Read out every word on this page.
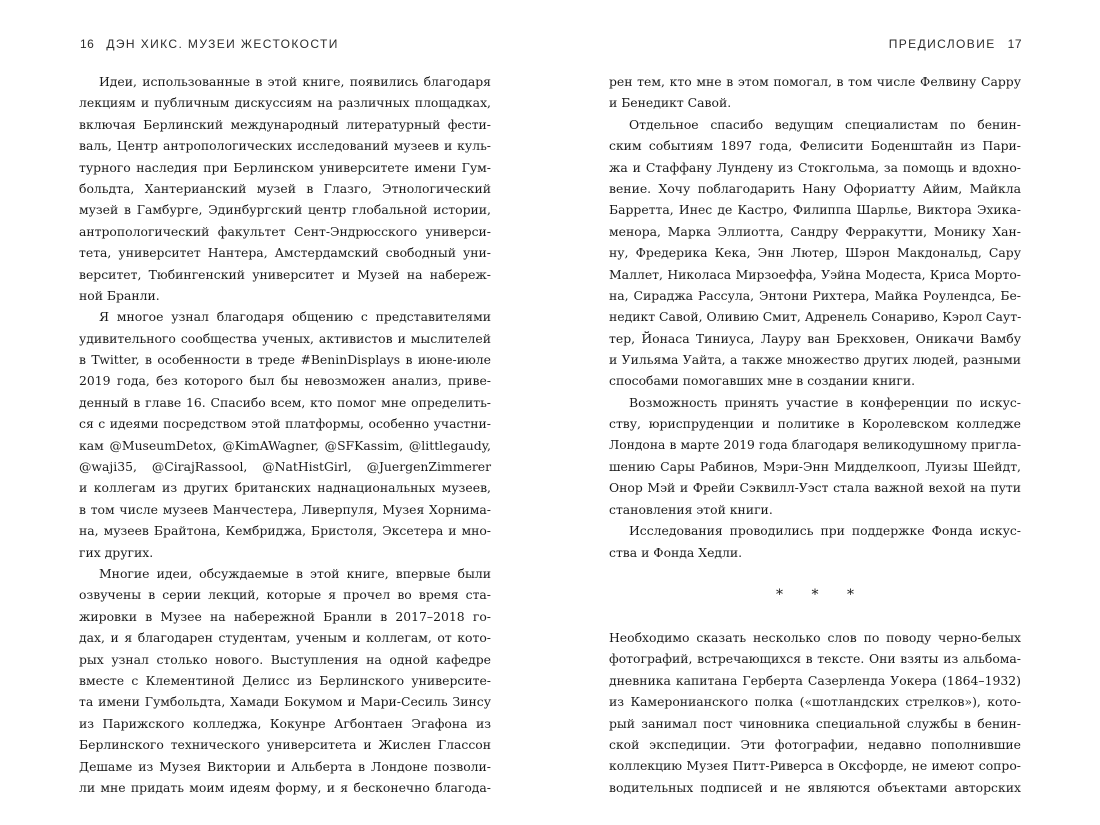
16 ДЭН ХИКС. МУЗЕИ ЖЕСТОКОСТИ
Идеи, использованные в этой книге, появились благодаря
лекциям и публичным дискуссиям на различных площадках,
включая Берлинский международный литературный фести-
валь, Центр антропологических исследований музеев и куль-
турного наследия при Берлинском университете имени Гум-
больдта, Хантерианский музей в Глазго, Этнологический
музей в Гамбурге, Эдинбургский центр глобальной истории,
антропологический факультет Сент-Эндрюсского универси-
тета, университет Нантера, Амстердамский свободный уни-
верситет, Тюбингенский университет и Музей на набереж-
ной Бранли.
Я многое узнал благодаря общению с представителями
удивительного сообщества ученых, активистов и мыслителей
в Twitter, в особенности в треде #BeninDisplays в июне-июле
2019 года, без которого был бы невозможен анализ, приве-
денный в главе 16. Спасибо всем, кто помог мне определить-
ся с идеями посредством этой платформы, особенно участни-
кам @MuseumDetox, @KimAWagner, @SFKassim, @littlegaudy,
@waji35, @CirajRassool, @NatHistGirl, @JuergenZimmerer
и коллегам из других британских наднациональных музеев,
в том числе музеев Манчестера, Ливерпуля, Музея Хорнима-
на, музеев Брайтона, Кембриджа, Бристоля, Эксетера и мно-
гих других.
Многие идеи, обсуждаемые в этой книге, впервые были
озвучены в серии лекций, которые я прочел во время ста-
жировки в Музее на набережной Бранли в 2017–2018 го-
дах, и я благодарен студентам, ученым и коллегам, от кото-
рых узнал столько нового. Выступления на одной кафедре
вместе с Клементиной Делисс из Берлинского университе-
та имени Гумбольдта, Хамади Бокумом и Мари-Сесиль Зинсу
из Парижского колледжа, Кокунре Агбонтаен Эгафона из
Берлинского технического университета и Жислен Глассон
Дешаме из Музея Виктории и Альберта в Лондоне позволи-
ли мне придать моим идеям форму, и я бесконечно благода-
ПРЕДИСЛОВИЕ 17
рен тем, кто мне в этом помогал, в том числе Фелвину Сарру
и Бенедикт Савой.
Отдельное спасибо ведущим специалистам по бенин-
ским событиям 1897 года, Фелисити Боденштайн из Пари-
жа и Стаффану Лундену из Стокгольма, за помощь и вдохно-
вение. Хочу поблагодарить Нану Офориатту Айим, Майкла
Барретта, Инес де Кастро, Филиппа Шарлье, Виктора Эхика-
менора, Марка Эллиотта, Сандру Ферракутти, Монику Хан-
ну, Фредерика Кека, Энн Лютер, Шэрон Макдональд, Сару
Маллет, Николаса Мирзоеффа, Уэйна Модеста, Криса Морто-
на, Сираджа Рассула, Энтони Рихтера, Майка Роулендса, Бе-
недикт Савой, Оливию Смит, Адренель Сонариво, Кэрол Саут-
тер, Йонаса Тиниуса, Лауру ван Брекховен, Оникачи Вамбу
и Уильяма Уайта, а также множество других людей, разными
способами помогавших мне в создании книги.
Возможность принять участие в конференции по искус-
ству, юриспруденции и политике в Королевском колледже
Лондона в марте 2019 года благодаря великодушному пригла-
шению Сары Рабинов, Мэри-Энн Мидделкооп, Луизы Шейдт,
Онор Мэй и Фрейи Сэквилл-Уэст стала важной вехой на пути
становления этой книги.
Исследования проводились при поддержке Фонда искус-
ства и Фонда Хедли.
* * *
Необходимо сказать несколько слов по поводу черно-белых
фотографий, встречающихся в тексте. Они взяты из альбома-
дневника капитана Герберта Сазерленда Уокера (1864–1932)
из Камеронианского полка («шотландских стрелков»), кото-
рый занимал пост чиновника специальной службы в бенин-
ской экспедиции. Эти фотографии, недавно пополнившие
коллекцию Музея Питт-Риверса в Оксфорде, не имеют сопро-
водительных подписей и не являются объектами авторских
